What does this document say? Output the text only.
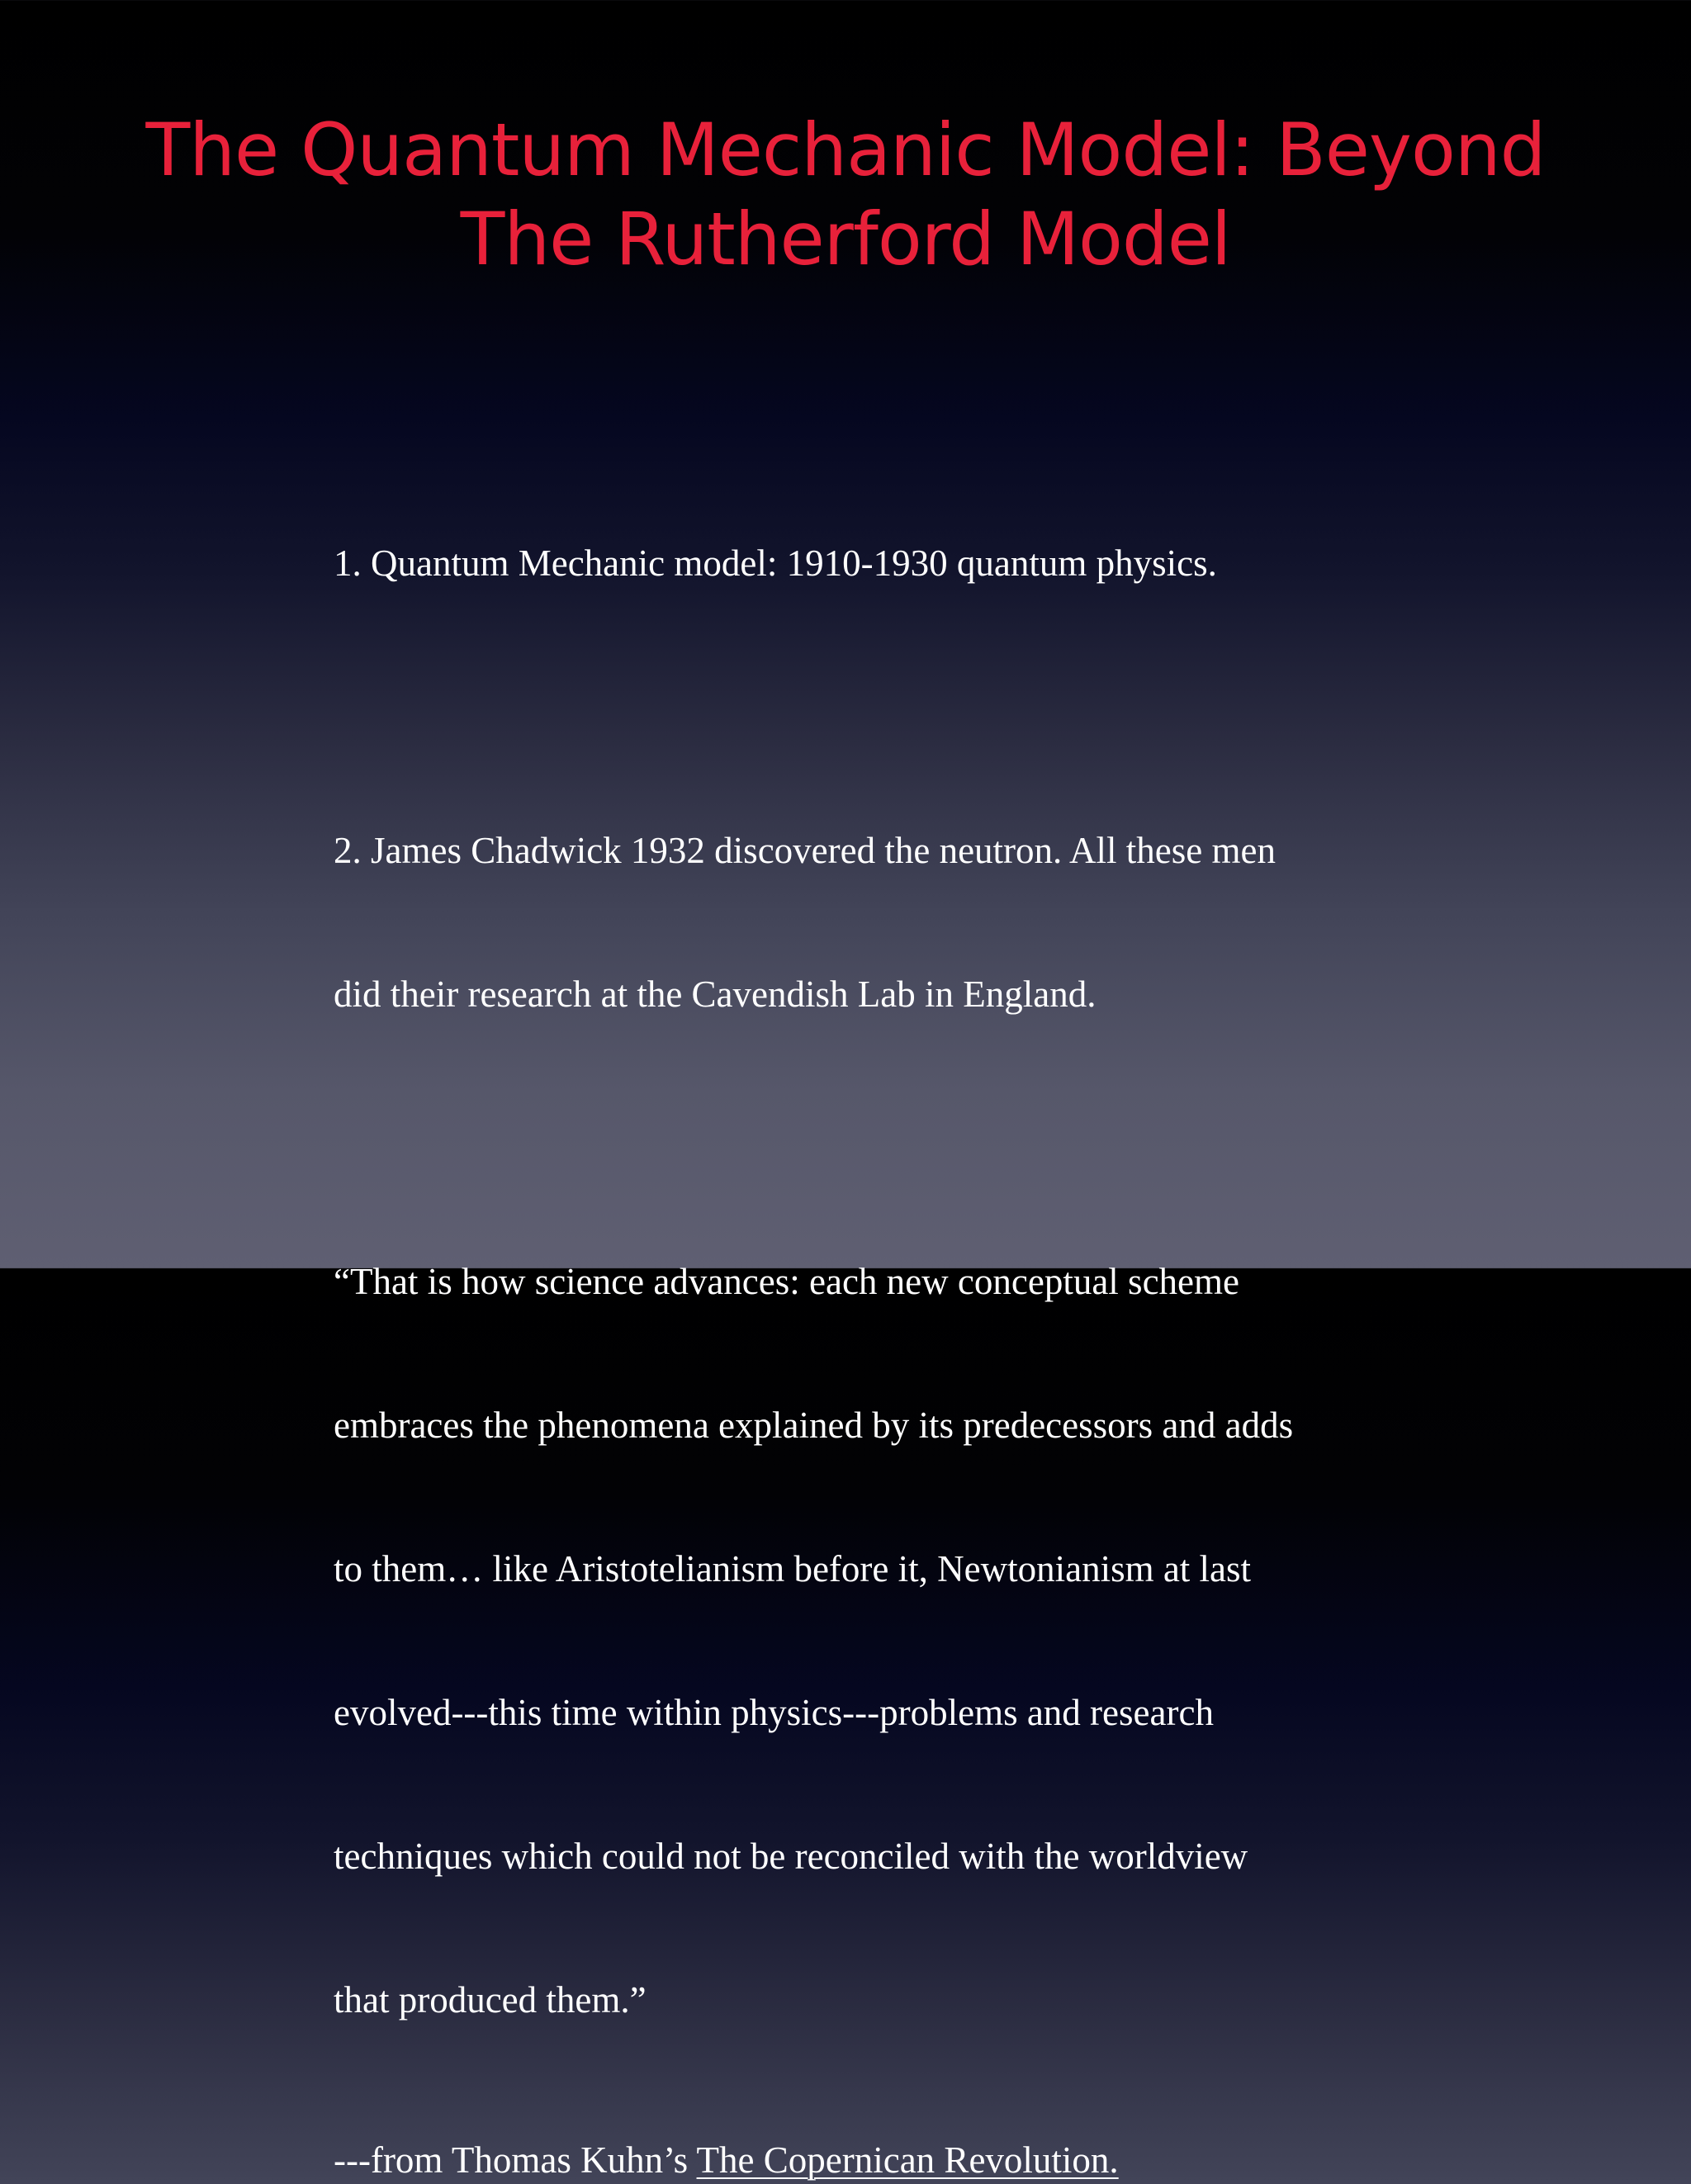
The Quantum Mechanic Model: Beyond
The Rutherford Model

1. Quantum Mechanic model: 1910-1930 quantum physics.

2. James Chadwick 1932 discovered the neutron. All these men

did their research at the Cavendish Lab in England.

“That is how science advances: each new conceptual scheme

embraces the phenomena explained by its predecessors and adds

to them… like Aristotelianism before it, Newtonianism at last

evolved---this time within physics---problems and research

techniques which could not be reconciled with the worldview

that produced them.”

---from Thomas Kuhn’s The Copernican Revolution.
